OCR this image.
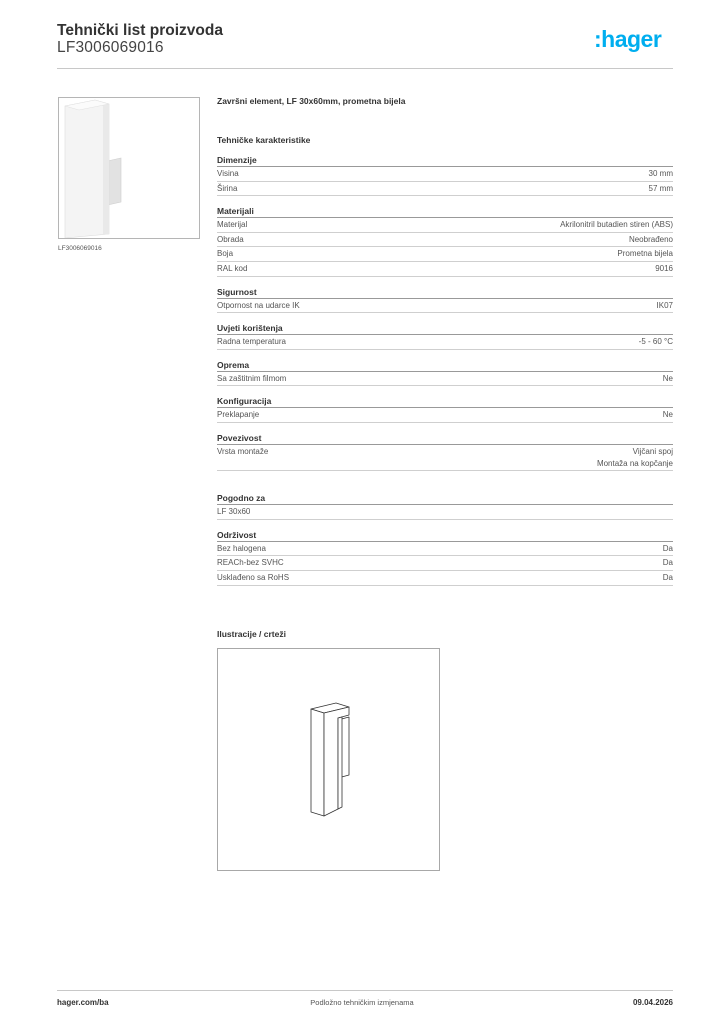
Tehnički list proizvoda
LF3006069016	:hager
LF3006069016
Završni element, LF 30x60mm, prometna bijela
Tehničke karakteristike
Dimenzije
Visina	30 mm
Širina	57 mm
Materijali
Materijal	Akrilonitril butadien stiren (ABS)
Obrada	Neobrađeno
Boja	Prometna bijela
RAL kod	9016
Sigurnost
Otpornost na udarce IK	IK07
Uvjeti korištenja
Radna temperatura	-5 - 60 °C
Oprema
Sa zaštitnim filmom	Ne
Konfiguracija
Preklapanje	Ne
Povezivost
Vrsta montaže	Vijčani spoj
Montaža na kopčanje
Pogodno za
LF 30x60
Održivost
Bez halogena	Da
REACh-bez SVHC	Da
Usklađeno sa RoHS	Da
Ilustracije / crteži
Podložno tehničkim izmjenama
hager.com/ba	09.04.2026
